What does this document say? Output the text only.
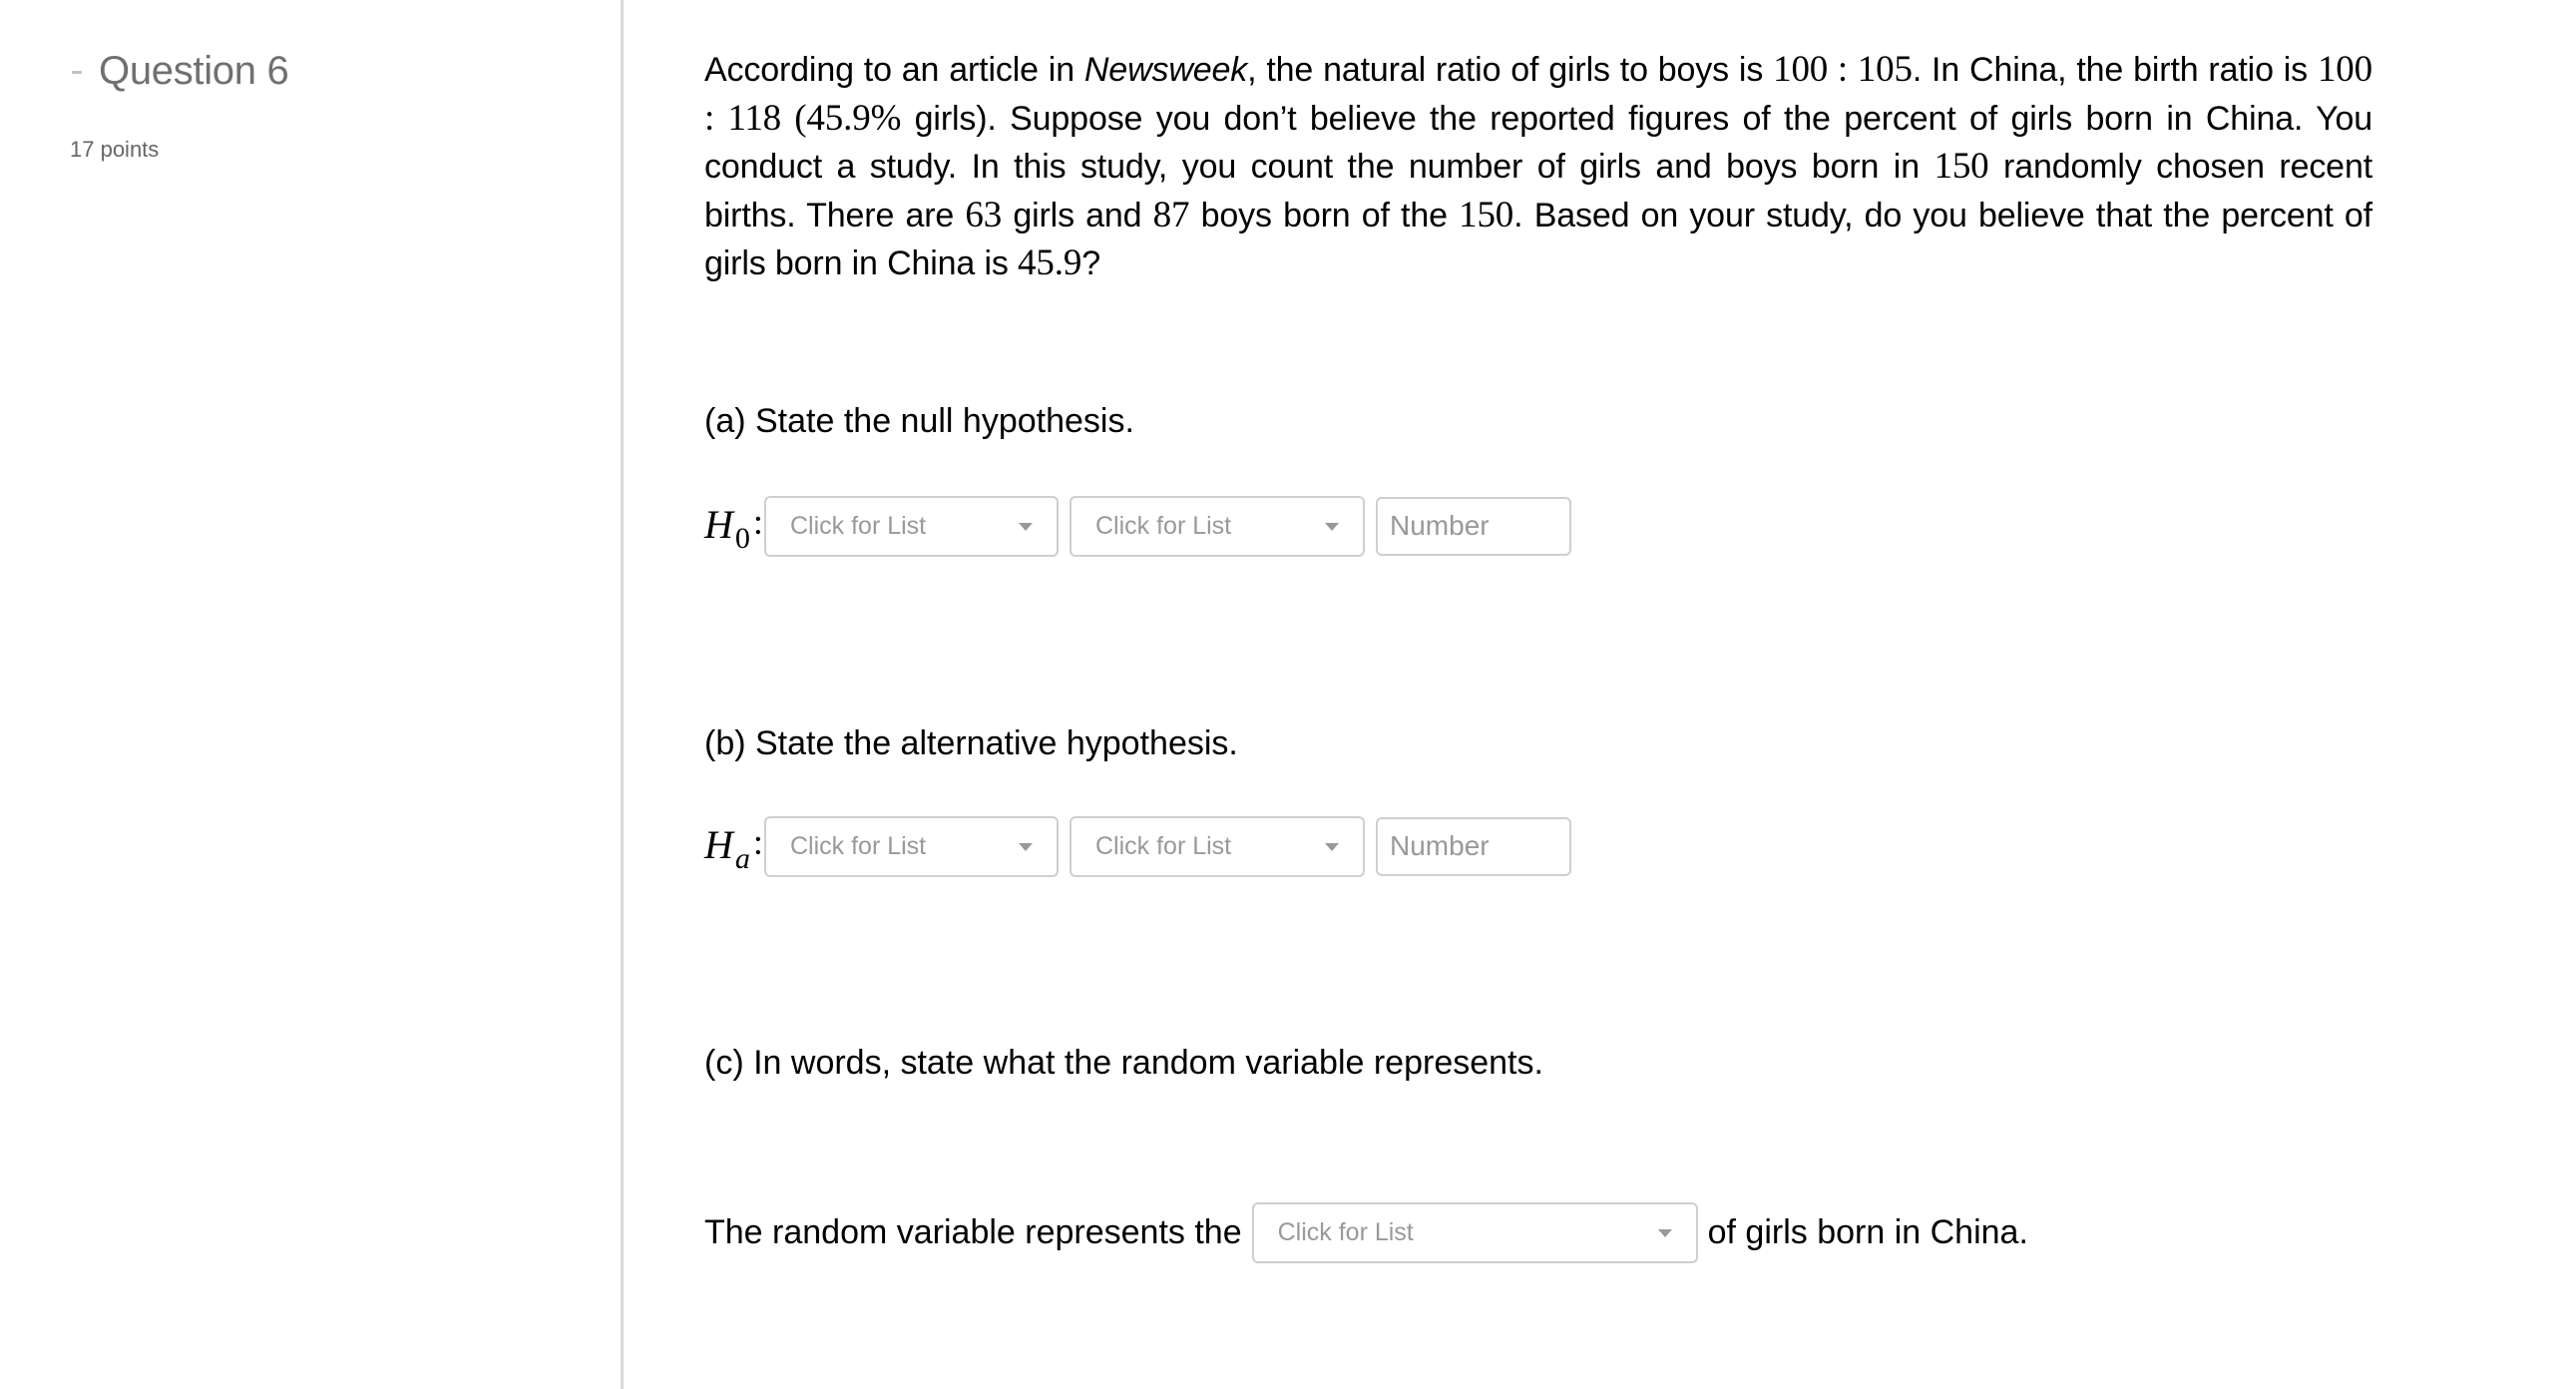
Question 6
17 points

According to an article in Newsweek, the natural ratio of girls to boys is 100 : 105. In China, the birth ratio is 100 : 118 (45.9% girls). Suppose you don’t believe the reported figures of the percent of girls born in China. You conduct a study. In this study, you count the number of girls and boys born in 150 randomly chosen recent births. There are 63 girls and 87 boys born of the 150. Based on your study, do you believe that the percent of girls born in China is 45.9?

(a) State the null hypothesis.
H 0 : Click for List	Click for List
Number
(b) State the alternative hypothesis.
H a : Click for List	Click for List
Number
(c) In words, state what the random variable represents.
The random variable represents the Click for List	of girls born in China.
